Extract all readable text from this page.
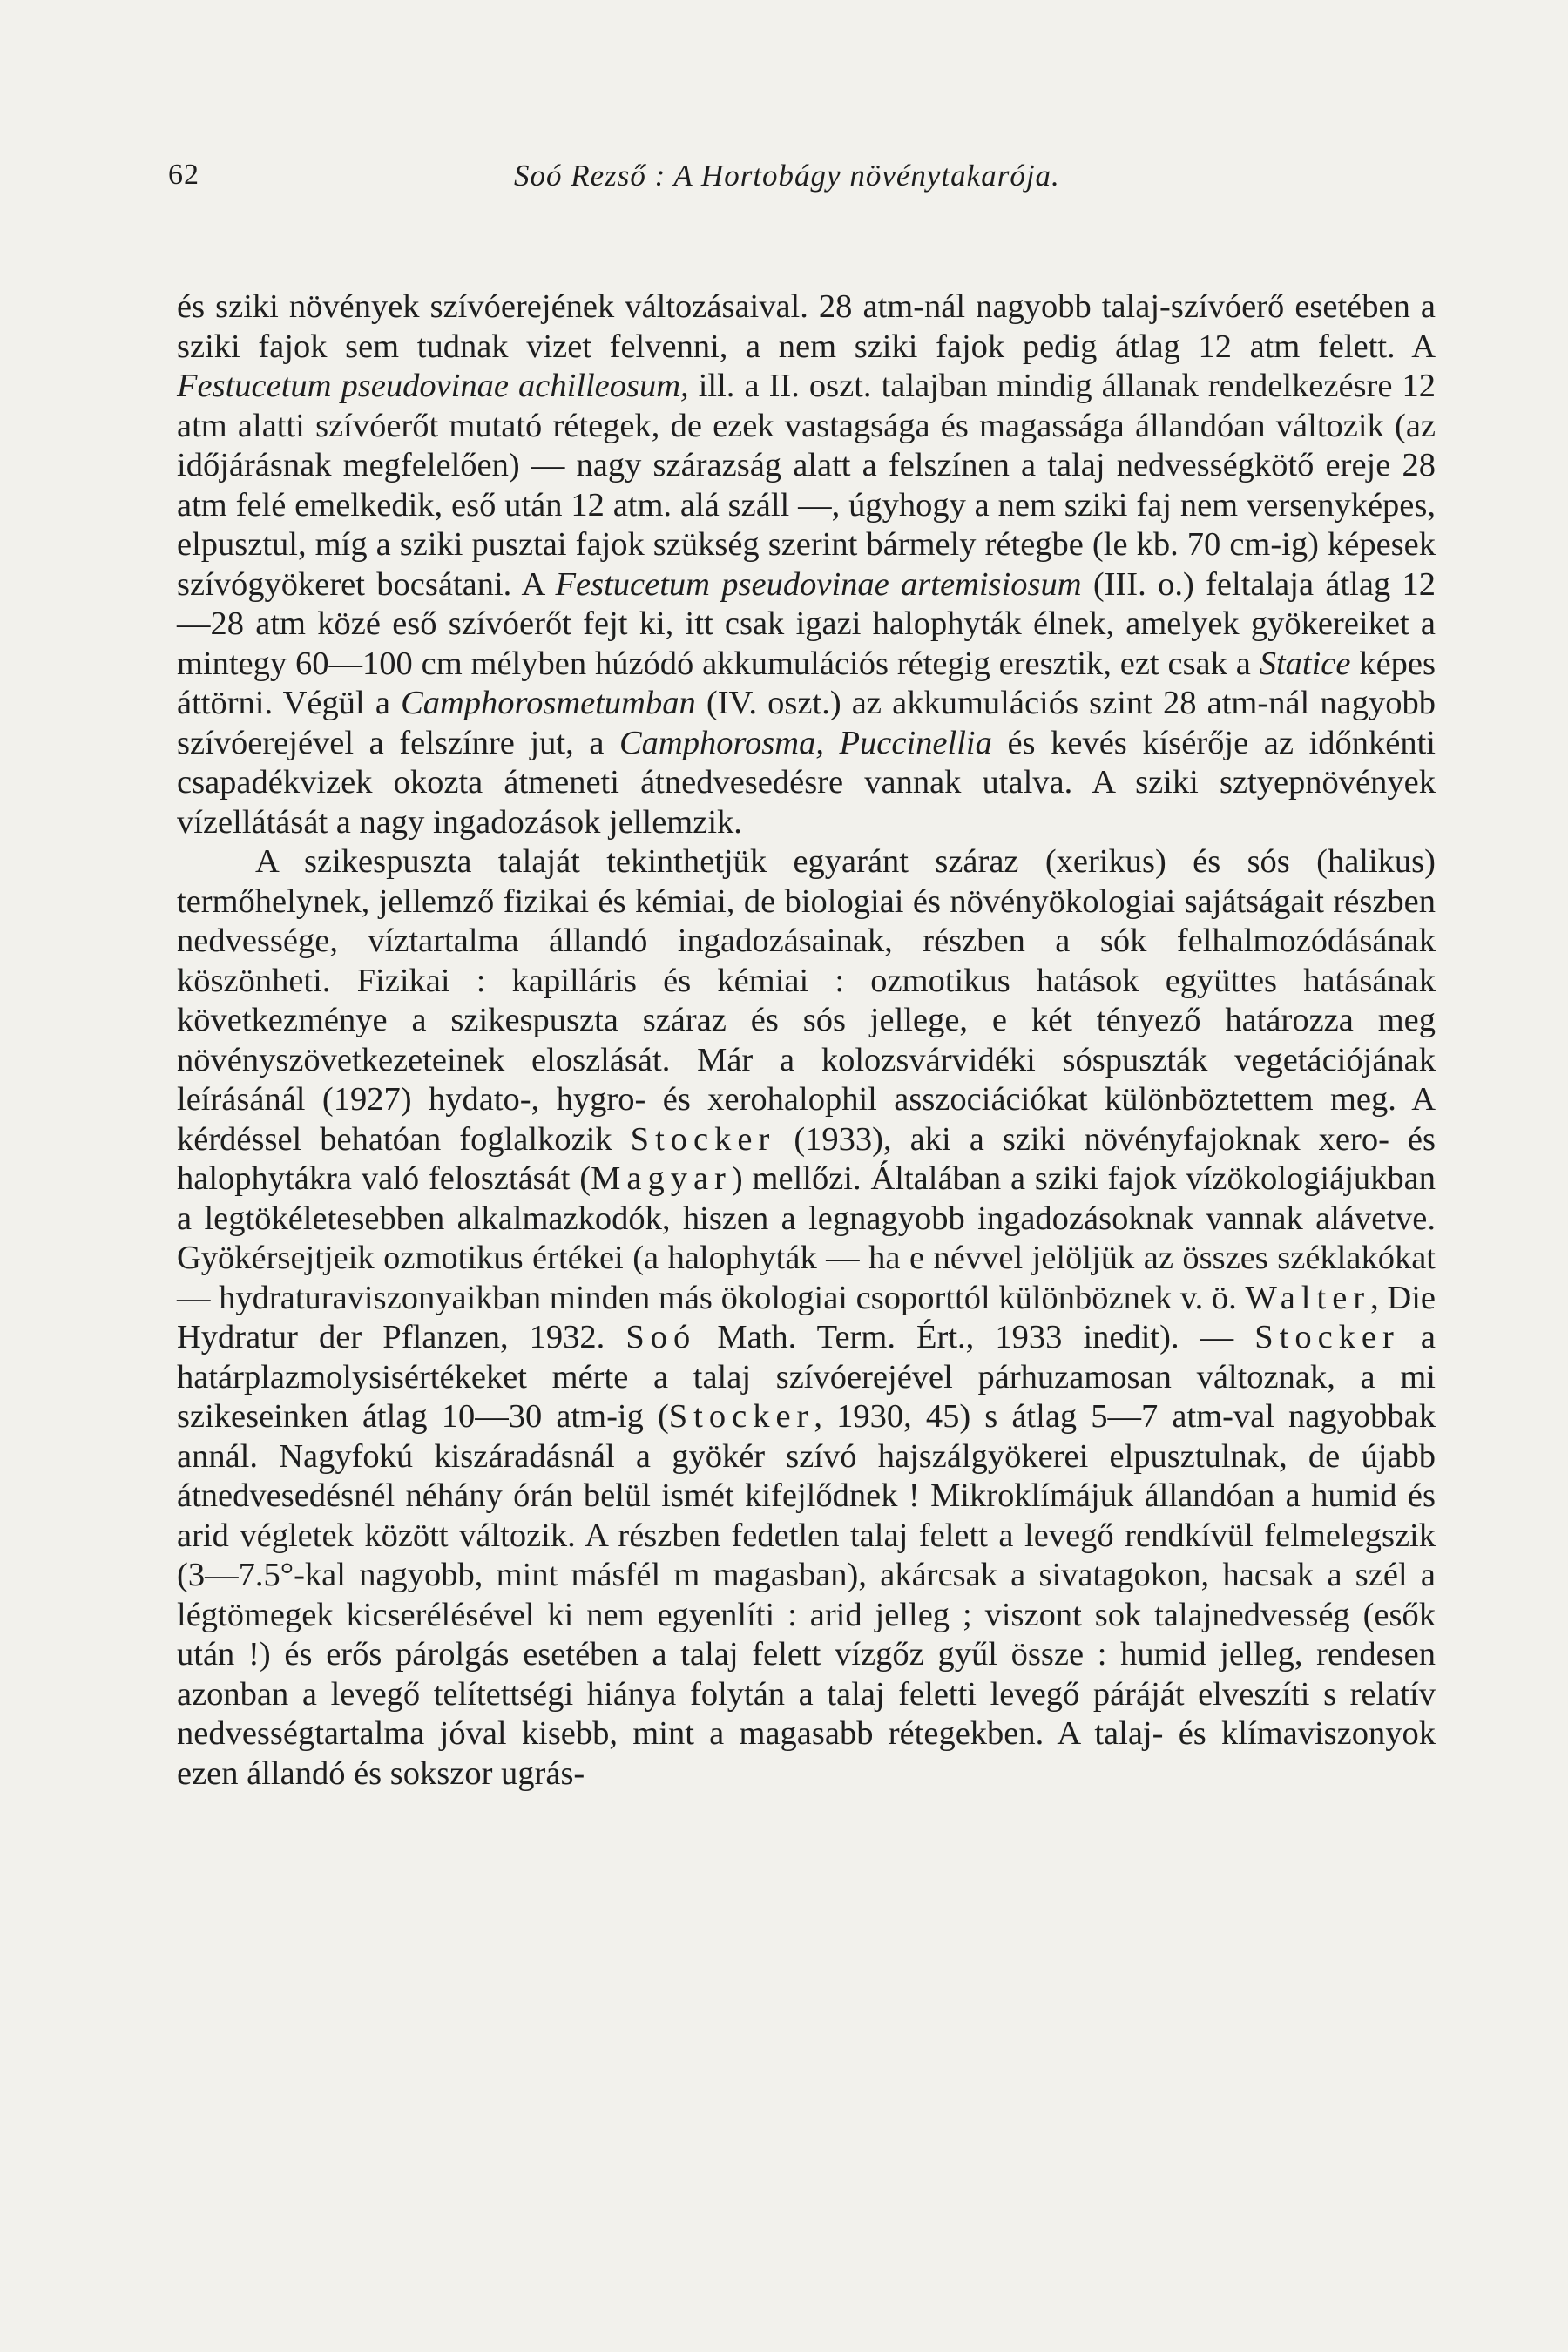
62	Soó Rezső : A Hortobágy növénytakarója.

és sziki növények szívóerejének változásaival. 28 atm-nál nagyobb talaj-szívóerő esetében a sziki fajok sem tudnak vizet felvenni, a nem sziki fajok pedig átlag 12 atm felett. A Festucetum pseudovinae achilleosum, ill. a II. oszt. talajban mindig állanak rendelkezésre 12 atm alatti szívóerőt mutató rétegek, de ezek vastagsága és magassága állandóan változik (az időjárásnak megfelelően) — nagy szárazság alatt a felszínen a talaj nedvességkötő ereje 28 atm felé emelkedik, eső után 12 atm. alá száll —, úgyhogy a nem sziki faj nem versenyképes, elpusztul, míg a sziki pusztai fajok szükség szerint bármely rétegbe (le kb. 70 cm-ig) képesek szívógyökeret bocsátani. A Festucetum pseudovinae artemisiosum (III. o.) feltalaja átlag 12—28 atm közé eső szívóerőt fejt ki, itt csak igazi halophyták élnek, amelyek gyökereiket a mintegy 60—100 cm mélyben húzódó akkumulációs rétegig eresztik, ezt csak a Statice képes áttörni. Végül a Camphorosmetumban (IV. oszt.) az akkumulációs szint 28 atm-nál nagyobb szívóerejével a felszínre jut, a Camphorosma, Puccinellia és kevés kísérője az időnkénti csapadékvizek okozta átmeneti átnedvesedésre vannak utalva. A sziki sztyepnövények vízellátását a nagy ingadozások jellemzik.

A szikespuszta talaját tekinthetjük egyaránt száraz (xerikus) és sós (halikus) termőhelynek, jellemző fizikai és kémiai, de biologiai és növényökologiai sajátságait részben nedvessége, víztartalma állandó ingadozásainak, részben a sók felhalmozódásának köszönheti. Fizikai : kapilláris és kémiai : ozmotikus hatások együttes hatásának következménye a szikespuszta száraz és sós jellege, e két tényező határozza meg növényszövetkezeteinek eloszlását. Már a kolozsvárvidéki sóspuszták vegetációjának leírásánál (1927) hydato-, hygro- és xerohalophil asszociációkat különböztettem meg. A kérdéssel behatóan foglalkozik Stocker (1933), aki a sziki növényfajoknak xero- és halophytákra való felosztását (Magyar) mellőzi. Általában a sziki fajok vízökologiájukban a legtökéletesebben alkalmazkodók, hiszen a legnagyobb ingadozásoknak vannak alávetve. Gyökérsejtjeik ozmotikus értékei (a halophyták — ha e névvel jelöljük az összes széklakókat — hydraturaviszonyaikban minden más ökologiai csoporttól különböznek v. ö. Walter, Die Hydratur der Pflanzen, 1932. Soó Math. Term. Ért., 1933 inedit). — Stocker a határplazmolysisértékeket mérte a talaj szívóerejével párhuzamosan változnak, a mi szikeseinken átlag 10—30 atm-ig (Stocker, 1930, 45) s átlag 5—7 atm-val nagyobbak annál. Nagyfokú kiszáradásnál a gyökér szívó hajszálgyökerei elpusztulnak, de újabb átnedvesedésnél néhány órán belül ismét kifejlődnek ! Mikroklímájuk állandóan a humid és arid végletek között változik. A részben fedetlen talaj felett a levegő rendkívül felmelegszik (3—7.5°-kal nagyobb, mint másfél m magasban), akárcsak a sivatagokon, hacsak a szél a légtömegek kicserélésével ki nem egyenlíti : arid jelleg ; viszont sok talajnedvesség (esők után !) és erős párolgás esetében a talaj felett vízgőz gyűl össze : humid jelleg, rendesen azonban a levegő telítettségi hiánya folytán a talaj feletti levegő páráját elveszíti s relatív nedvességtartalma jóval kisebb, mint a magasabb rétegekben. A talaj- és klímaviszonyok ezen állandó és sokszor ugrás-
